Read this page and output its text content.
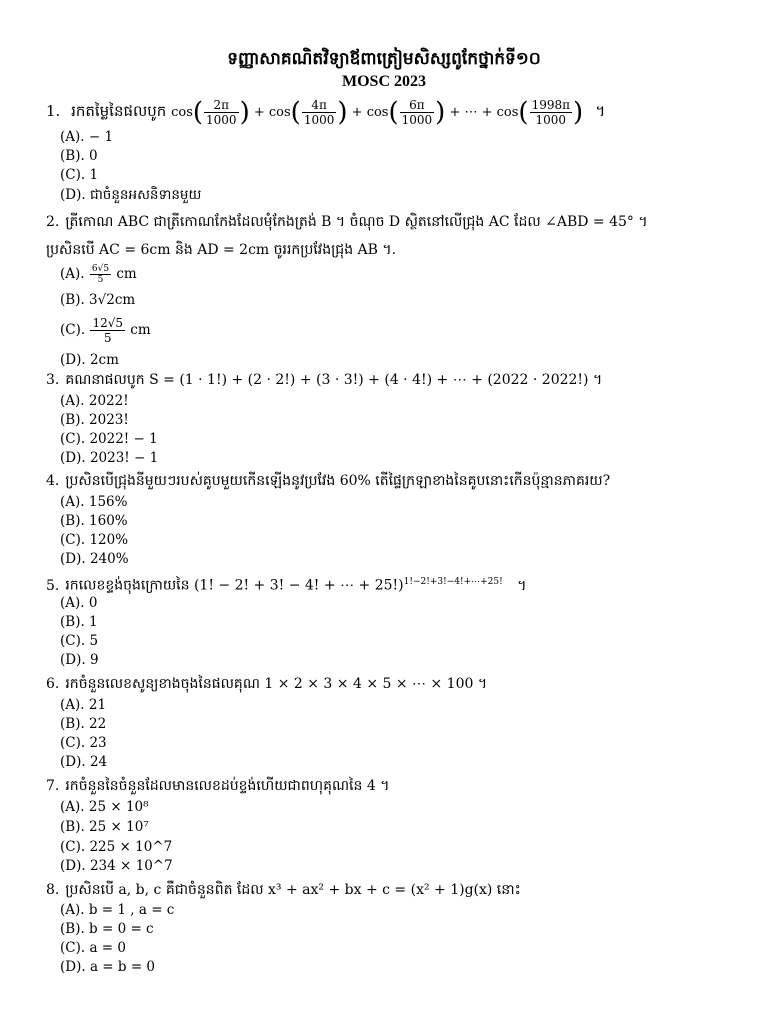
ទញ្ញាសាគណិតវិទ្យាឪពាត្រៀមសិស្សពូកែថ្នាក់ទី១០
MOSC 2023
1. រកតម្លៃនៃផលបូក $\cos( \frac{2\pi}{1000}$ ) + $\cos( \frac{4\pi}{1000}$ ) + $\cos( \frac{6\pi}{1000}$ ) + ⋯ + $\cos( \frac{1998\pi}{1000}$ ) ។
(A). − 1
(B). 0
(C). 1
(D). ជាចំនួនអសនិទានមួយ
2. ត្រីកោណ ABC ជាត្រីកោណកែងដែលមុំកែងត្រង់ B ។ ចំណុច D ស្ថិតនៅលើជ្រុង AC ដែល ∠ABD = 45° ។
ប្រសិនបើ AC = 6cm និង AD = 2cm ចូររកប្រវែងជ្រុង AB ។.
(A). $\frac{6√5}{5}$ cm
(B). 3√2cm
(C). $\frac{12√5}{5}$ cm
(D). 2cm
3. គណនាផលបូក S = (1 · 1!) + (2 · 2!) + (3 · 3!) + (4 · 4!) + ⋯ + (2022 · 2022!) ។
(A). 2022!
(B). 2023!
(C). 2022! − 1
(D). 2023! − 1
4. ប្រសិនបើជ្រុងនីមួយៗរបស់គូបមួយកើនឡើងនូវប្រវែង 60% តើផ្ទៃក្រឡាខាងនៃគូបនោះកើនប៉ុន្មានភាគរយ?
(A). 156%
(B). 160%
(C). 120%
(D). 240%
5. រកលេខខ្ទង់ចុងក្រោយនៃ (1! − 2! + 3! − 4! + ⋯ + 25!)$^{1!-2!+3!-4!+\cdots+25!}$ ។
(A). 0
(B). 1
(C). 5
(D). 9
6. រកចំនួនលេខសូន្យខាងចុងនៃផលគុណ 1 × 2 × 3 × 4 × 5 × ⋯ × 100 ។
(A). 21
(B). 22
(C). 23
(D). 24
7. រកចំនួននៃចំនួនដែលមានលេខដប់ខ្ទង់ហើយជាពហុគុណនៃ 4 ។
(A). 25 × 10⁸
(B). 25 × 10⁷
(C). 225 × 10^7
(D). 234 × 10^7
8. ប្រសិនបើ a, b, c គឺជាចំនួនពិត ដែល x³ + ax² + bx + c = (x² + 1)g(x) នោះ
(A). b = 1 , a = c
(B). b = 0 = c
(C). a = 0
(D). a = b = 0
